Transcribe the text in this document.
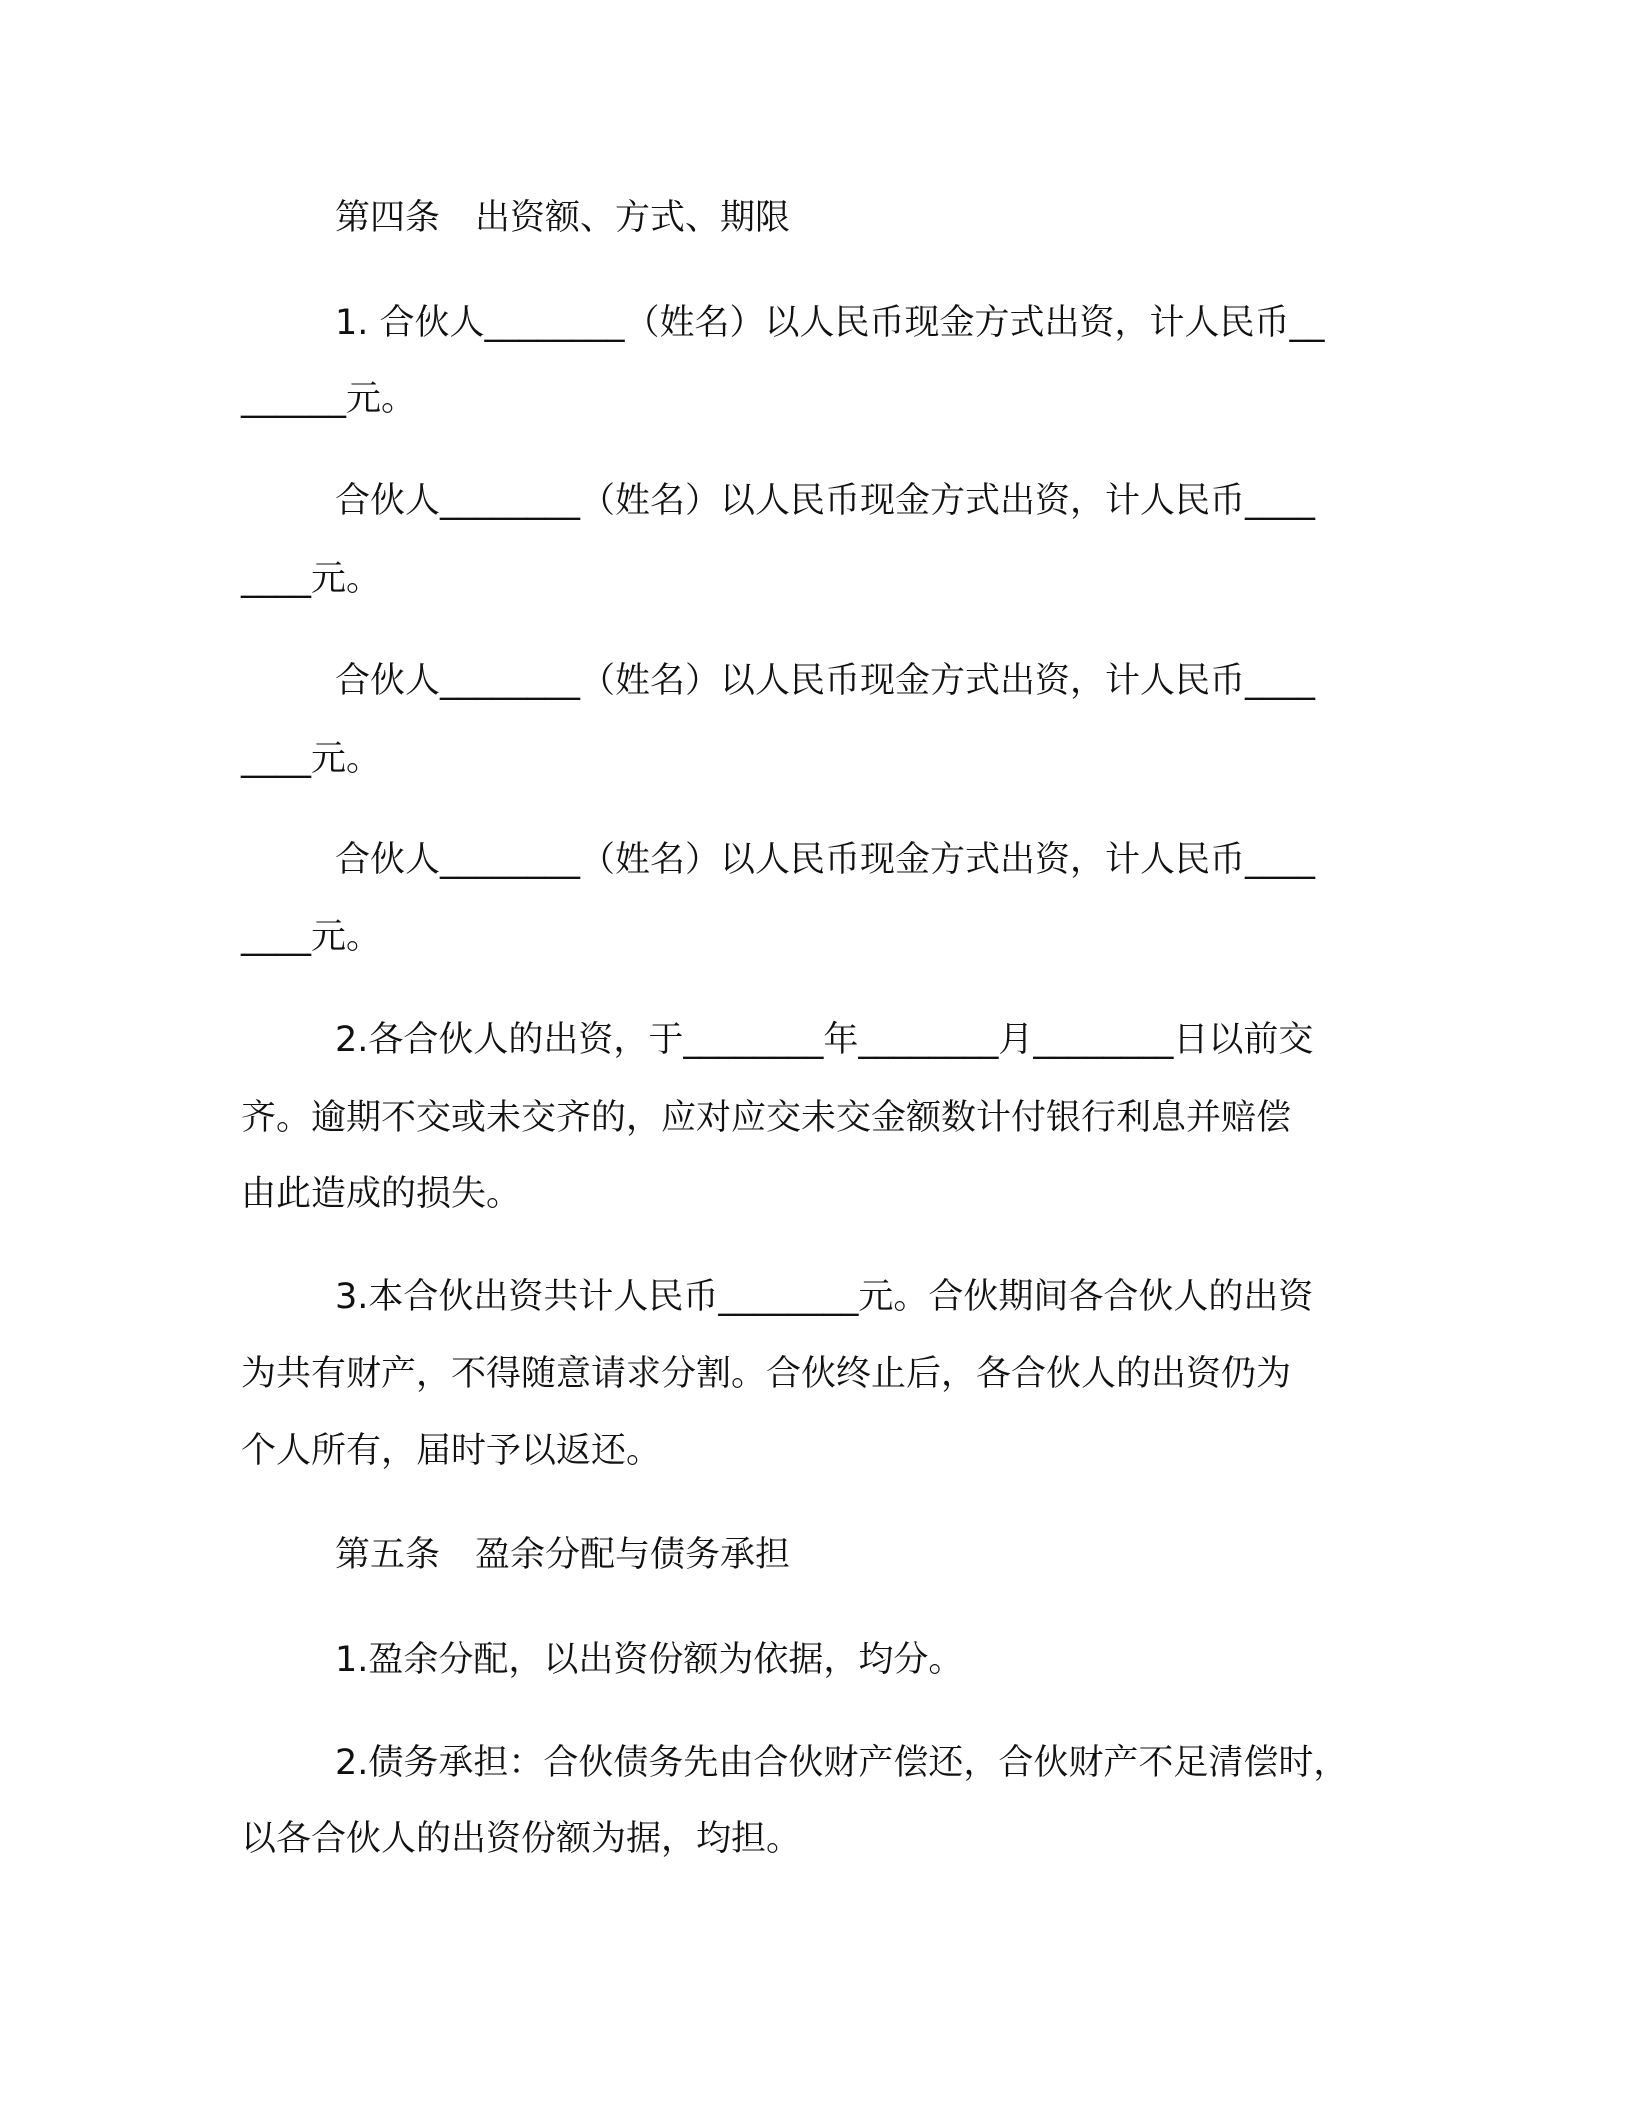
第四条　出资额、方式、期限
1. 合伙人________（姓名）以人民币现金方式出资，计人民币__
______元。
合伙人________（姓名）以人民币现金方式出资，计人民币____
____元。
合伙人________（姓名）以人民币现金方式出资，计人民币____
____元。
合伙人________（姓名）以人民币现金方式出资，计人民币____
____元。
2.各合伙人的出资，于________年________月________日以前交
齐。逾期不交或未交齐的，应对应交未交金额数计付银行利息并赔偿
由此造成的损失。
3.本合伙出资共计人民币________元。合伙期间各合伙人的出资
为共有财产，不得随意请求分割。合伙终止后，各合伙人的出资仍为
个人所有，届时予以返还。
第五条　盈余分配与债务承担
1.盈余分配，以出资份额为依据，均分。
2.债务承担：合伙债务先由合伙财产偿还，合伙财产不足清偿时，
以各合伙人的出资份额为据，均担。
